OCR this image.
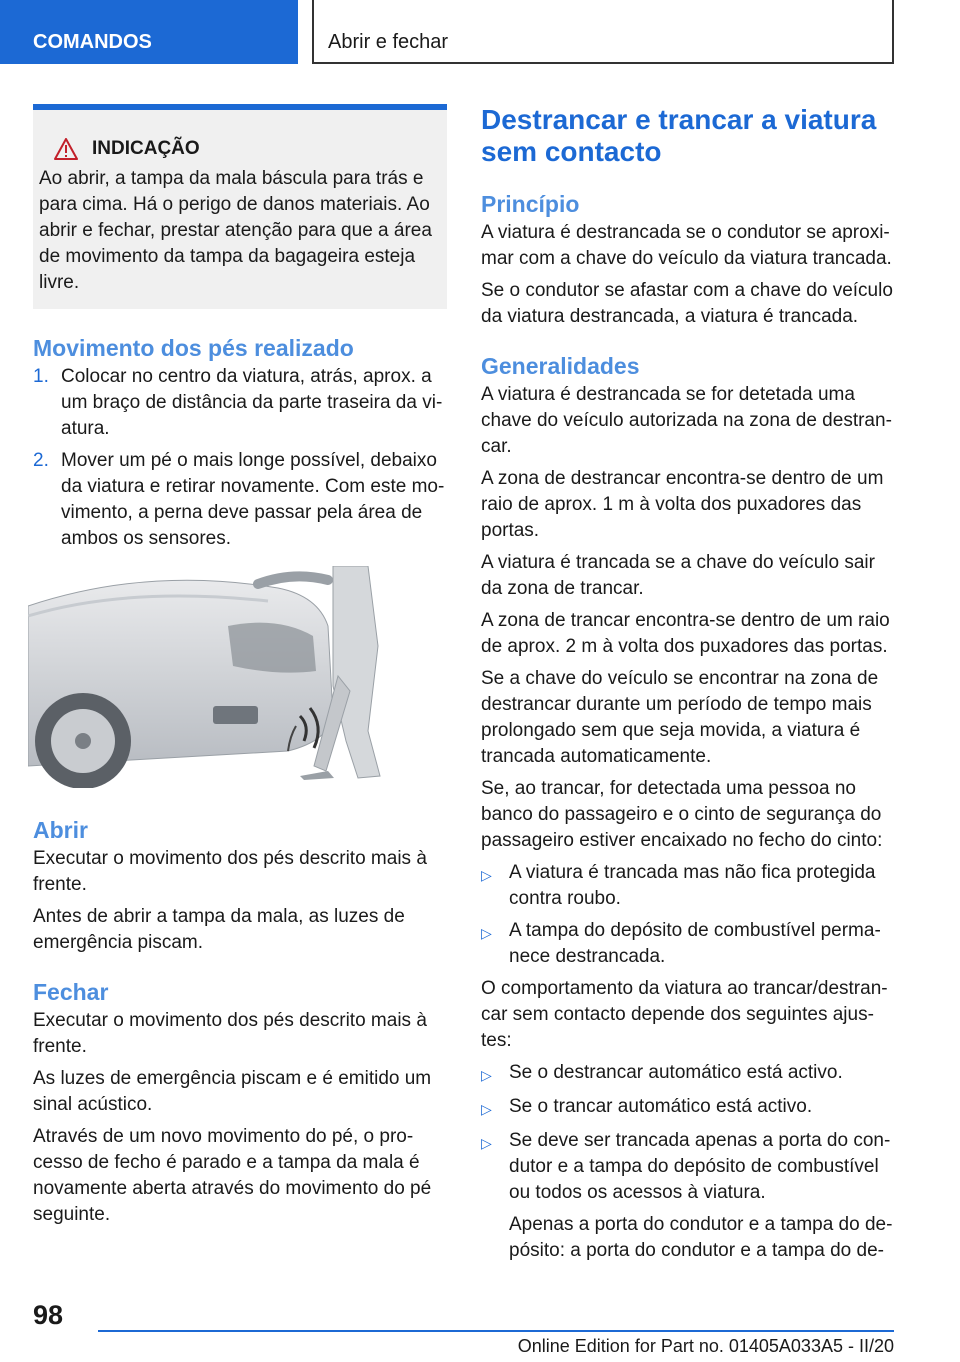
COMANDOS	Abrir e fechar
INDICAÇÃO

Ao abrir, a tampa da mala báscula para trás e para cima. Há o perigo de danos materiais. Ao abrir e fechar, prestar atenção para que a área de movimento da tampa da bagageira esteja livre.

Movimento dos pés realizado
1. Colocar no centro da viatura, atrás, aprox. a um braço de distância da parte traseira da viatura.
2. Mover um pé o mais longe possível, debaixo da viatura e retirar novamente. Com este movimento, a perna deve passar pela área de ambos os sensores.
Abrir

Executar o movimento dos pés descrito mais à frente.

Antes de abrir a tampa da mala, as luzes de emergência piscam.

Fechar

Executar o movimento dos pés descrito mais à frente.

As luzes de emergência piscam e é emitido um sinal acústico.

Através de um novo movimento do pé, o processo de fecho é parado e a tampa da mala é novamente aberta através do movimento do pé seguinte.

Destrancar e trancar a viatura sem contacto
Princípio

A viatura é destrancada se o condutor se aproximar com a chave do veículo da viatura trancada.

Se o condutor se afastar com a chave do veículo da viatura destrancada, a viatura é trancada.

Generalidades

A viatura é destrancada se for detetada uma chave do veículo autorizada na zona de destrancar.

A zona de destrancar encontra-se dentro de um raio de aprox. 1 m à volta dos puxadores das portas.

A viatura é trancada se a chave do veículo sair da zona de trancar.

A zona de trancar encontra-se dentro de um raio de aprox. 2 m à volta dos puxadores das portas.

Se a chave do veículo se encontrar na zona de destrancar durante um período de tempo mais prolongado sem que seja movida, a viatura é trancada automaticamente.

Se, ao trancar, for detectada uma pessoa no banco do passageiro e o cinto de segurança do passageiro estiver encaixado no fecho do cinto:

▷ A viatura é trancada mas não fica protegida contra roubo.
▷ A tampa do depósito de combustível permanece destrancada.

O comportamento da viatura ao trancar/destrancar sem contacto depende dos seguintes ajustes:

▷ Se o destrancar automático está activo.
▷ Se o trancar automático está activo.
▷ Se deve ser trancada apenas a porta do condutor e a tampa do depósito de combustível ou todos os acessos à viatura.

Apenas a porta do condutor e a tampa do depósito: a porta do condutor e a tampa do de-

98
Online Edition for Part no. 01405A033A5 - II/20
